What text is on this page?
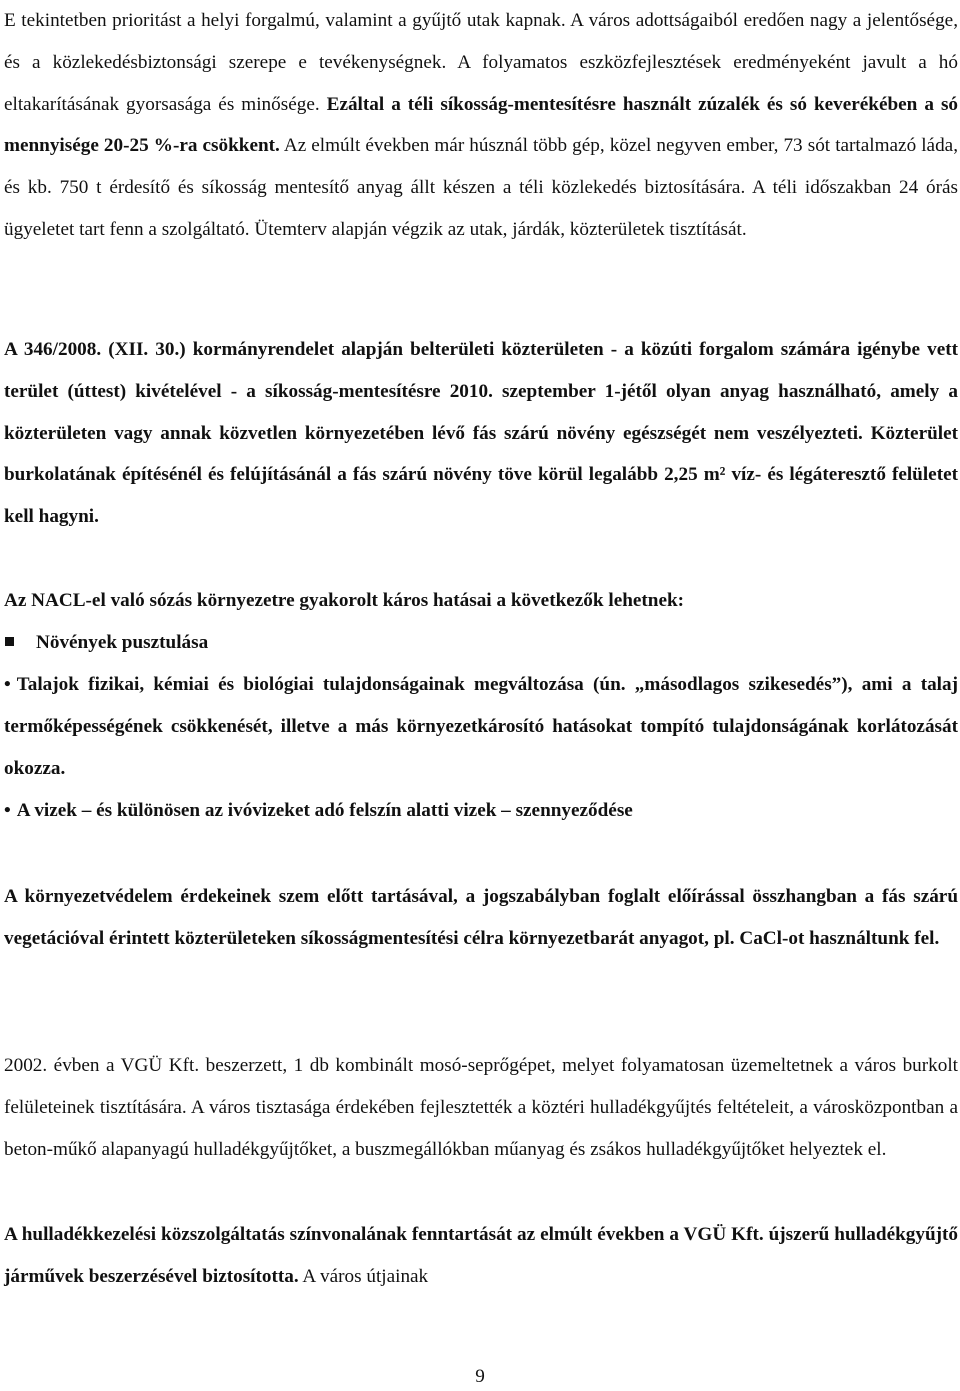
E tekintetben prioritást a helyi forgalmú, valamint a gyűjtő utak kapnak. A város adottságaiból eredően nagy a jelentősége, és a közlekedésbiztonsági szerepe e tevékenységnek. A folyamatos eszközfejlesztések eredményeként javult a hó eltakarításának gyorsasága és minősége. Ezáltal a téli síkosság-mentesítésre használt zúzalék és só keverékében a só mennyisége 20-25 %-ra csökkent. Az elmúlt években már húsznál több gép, közel negyven ember, 73 sót tartalmazó láda, és kb. 750 t érdesítő és síkosság mentesítő anyag állt készen a téli közlekedés biztosítására. A téli időszakban 24 órás ügyeletet tart fenn a szolgáltató. Ütemterv alapján végzik az utak, járdák, közterületek tisztítását.

A 346/2008. (XII. 30.) kormányrendelet alapján belterületi közterületen - a közúti forgalom számára igénybe vett terület (úttest) kivételével - a síkosság-mentesítésre 2010. szeptember 1-jétől olyan anyag használható, amely a közterületen vagy annak közvetlen környezetében lévő fás szárú növény egészségét nem veszélyezteti. Közterület burkolatának építésénél és felújításánál a fás szárú növény töve körül legalább 2,25 m² víz- és légáteresztő felületet kell hagyni.

Az NACL-el való sózás környezetre gyakorolt káros hatásai a következők lehetnek:

Növények pusztulása
• Talajok fizikai, kémiai és biológiai tulajdonságainak megváltozása (ún. „másodlagos szikesedés”), ami a talaj termőképességének csökkenését, illetve a más környezetkárosító hatásokat tompító tulajdonságának korlátozását okozza.
• A vizek – és különösen az ivóvizeket adó felszín alatti vizek – szennyeződése

A környezetvédelem érdekeinek szem előtt tartásával, a jogszabályban foglalt előírással összhangban a fás szárú vegetációval érintett közterületeken síkosságmentesítési célra környezetbarát anyagot, pl. CaCl-ot használtunk fel.

2002. évben a VGÜ Kft. beszerzett, 1 db kombinált mosó-seprőgépet, melyet folyamatosan üzemeltetnek a város burkolt felületeinek tisztítására. A város tisztasága érdekében fejlesztették a köztéri hulladékgyűjtés feltételeit, a városközpontban a beton-műkő alapanyagú hulladékgyűjtőket, a buszmegállókban műanyag és zsákos hulladékgyűjtőket helyeztek el.

A hulladékkezelési közszolgáltatás színvonalának fenntartását az elmúlt években a VGÜ Kft. újszerű hulladékgyűjtő járművek beszerzésével biztosította. A város útjainak

9
